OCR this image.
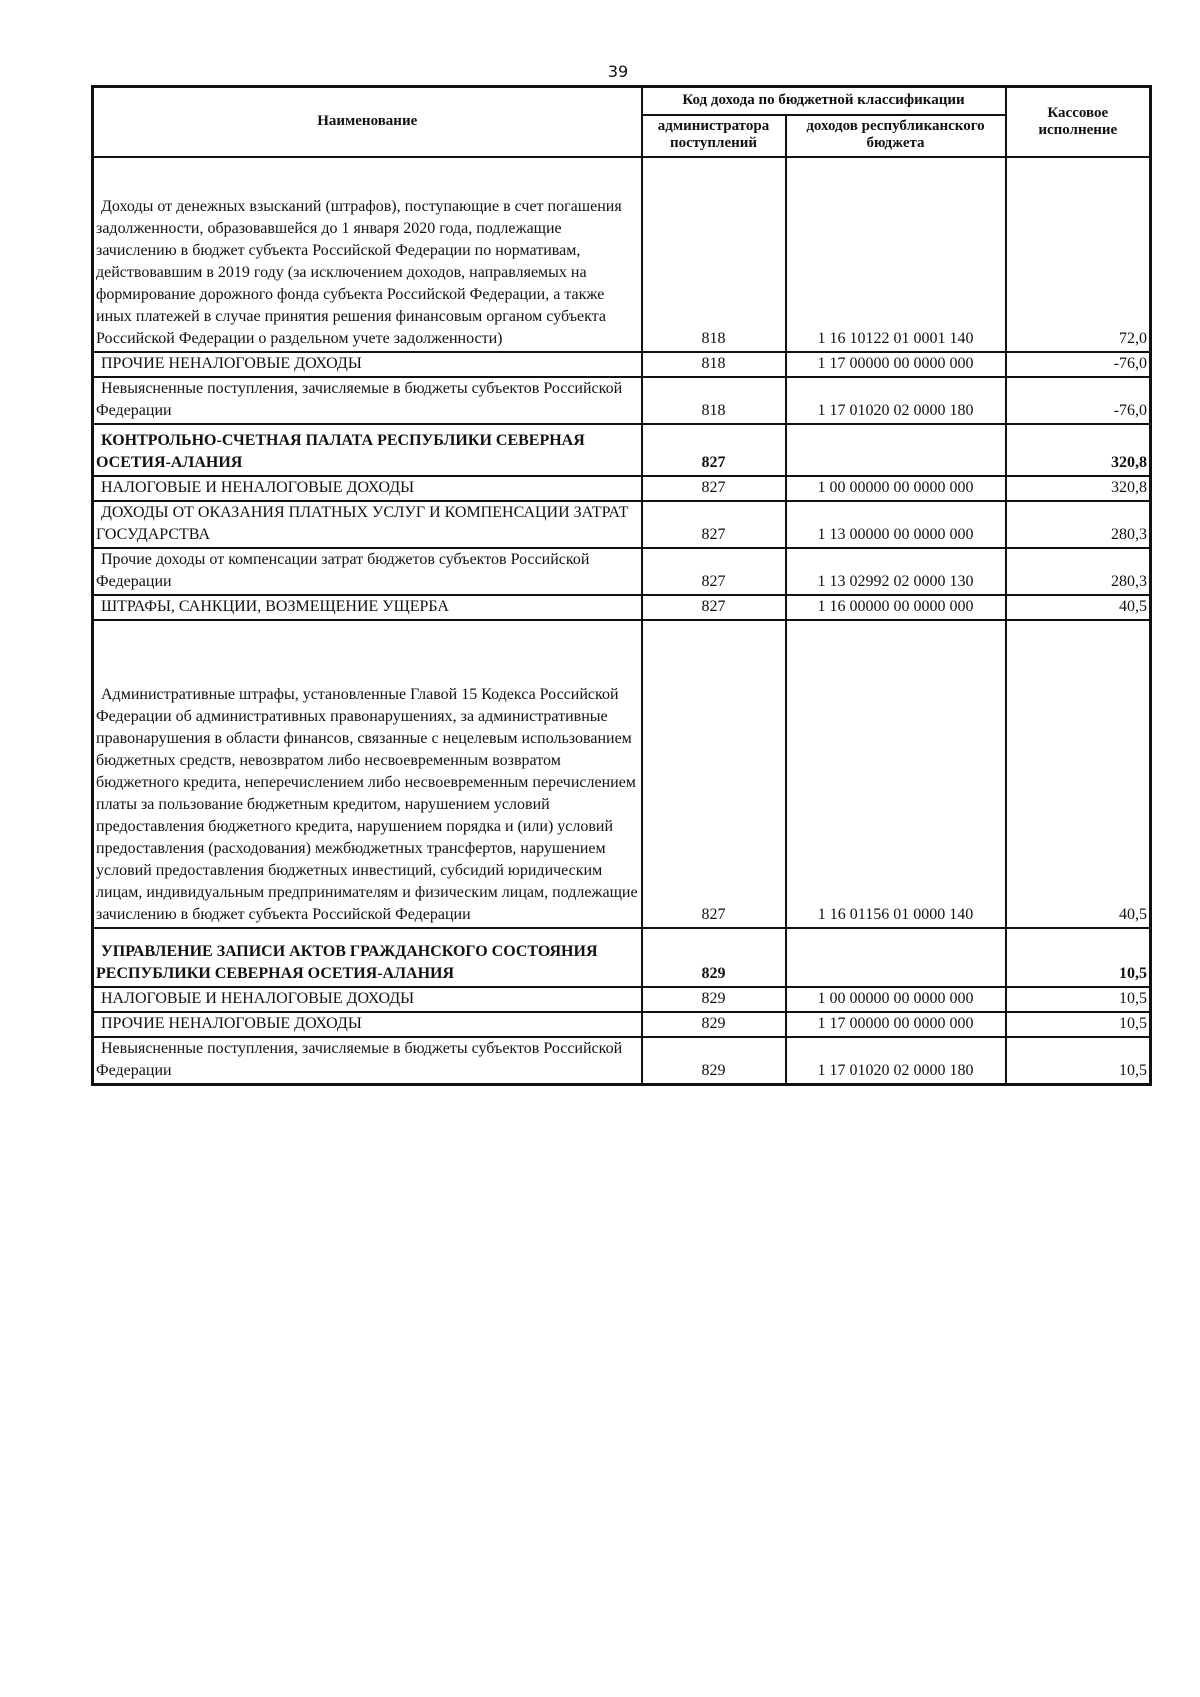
39
Наименование	Код дохода по бюджетной классификации		Кассовое исполнение
	администратора поступлений	доходов республиканского бюджета	
Доходы от денежных взысканий (штрафов), поступающие в счет погашения задолженности, образовавшейся до 1 января 2020 года, подлежащие зачислению в бюджет субъекта Российской Федерации по нормативам, действовавшим в 2019 году (за исключением доходов, направляемых на формирование дорожного фонда субъекта Российской Федерации, а также иных платежей в случае принятия решения финансовым органом субъекта Российской Федерации о раздельном учете задолженности)	818	1 16 10122 01 0001 140	72,0
ПРОЧИЕ НЕНАЛОГОВЫЕ ДОХОДЫ	818	1 17 00000 00 0000 000	-76,0
Невыясненные поступления, зачисляемые в бюджеты субъектов Российской Федерации	818	1 17 01020 02 0000 180	-76,0
КОНТРОЛЬНО-СЧЕТНАЯ ПАЛАТА РЕСПУБЛИКИ СЕВЕРНАЯ ОСЕТИЯ-АЛАНИЯ	827		320,8
НАЛОГОВЫЕ И НЕНАЛОГОВЫЕ ДОХОДЫ	827	1 00 00000 00 0000 000	320,8
ДОХОДЫ ОТ ОКАЗАНИЯ ПЛАТНЫХ УСЛУГ И КОМПЕНСАЦИИ ЗАТРАТ ГОСУДАРСТВА	827	1 13 00000 00 0000 000	280,3
Прочие доходы от компенсации затрат бюджетов субъектов Российской Федерации	827	1 13 02992 02 0000 130	280,3
ШТРАФЫ, САНКЦИИ, ВОЗМЕЩЕНИЕ УЩЕРБА	827	1 16 00000 00 0000 000	40,5
Административные штрафы, установленные Главой 15 Кодекса Российской Федерации об административных правонарушениях, за административные правонарушения в области финансов, связанные с нецелевым использованием бюджетных средств, невозвратом либо несвоевременным возвратом бюджетного кредита, неперечислением либо несвоевременным перечислением платы за пользование бюджетным кредитом, нарушением условий предоставления бюджетного кредита, нарушением порядка и (или) условий предоставления (расходования) межбюджетных трансфертов, нарушением условий предоставления бюджетных инвестиций, субсидий юридическим лицам, индивидуальным предпринимателям и физическим лицам, подлежащие зачислению в бюджет субъекта Российской Федерации	827	1 16 01156 01 0000 140	40,5
УПРАВЛЕНИЕ ЗАПИСИ АКТОВ ГРАЖДАНСКОГО СОСТОЯНИЯ РЕСПУБЛИКИ СЕВЕРНАЯ ОСЕТИЯ-АЛАНИЯ	829		10,5
НАЛОГОВЫЕ И НЕНАЛОГОВЫЕ ДОХОДЫ	829	1 00 00000 00 0000 000	10,5
ПРОЧИЕ НЕНАЛОГОВЫЕ ДОХОДЫ	829	1 17 00000 00 0000 000	10,5
Невыясненные поступления, зачисляемые в бюджеты субъектов Российской Федерации	829	1 17 01020 02 0000 180	10,5
